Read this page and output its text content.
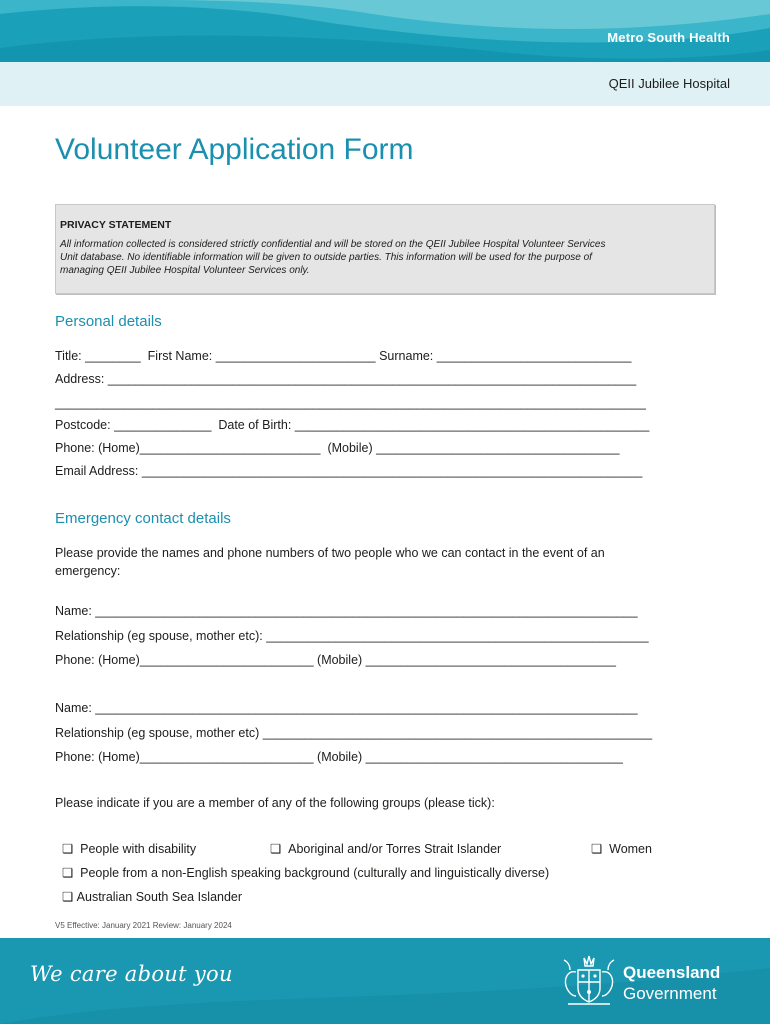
Metro South Health
QEII Jubilee Hospital
Volunteer Application Form
PRIVACY STATEMENT
All information collected is considered strictly confidential and will be stored on the QEII Jubilee Hospital Volunteer Services
Unit database. No identifiable information will be given to outside parties. This information will be used for the purpose of
managing QEII Jubilee Hospital Volunteer Services only.
Personal details
Title: ________  First Name: _______________________ Surname: ____________________________
Address: ____________________________________________________________________________
_____________________________________________________________________________________
Postcode: ______________  Date of Birth: ___________________________________________________
Phone: (Home)__________________________  (Mobile) ___________________________________
Email Address: ________________________________________________________________________
Emergency contact details
Please provide the names and phone numbers of two people who we can contact in the event of an
emergency:
Name: ______________________________________________________________________________
Relationship (eg spouse, mother etc): _______________________________________________________
Phone: (Home)_________________________ (Mobile) ____________________________________
Name: ______________________________________________________________________________
Relationship (eg spouse, mother etc) ________________________________________________________
Phone: (Home)_________________________ (Mobile) _____________________________________
Please indicate if you are a member of any of the following groups (please tick):

❏ People with disability	❏ Aboriginal and/or Torres Strait Islander	❏ Women

❏ People from a non-English speaking background (culturally and linguistically diverse)

❏ Australian South Sea Islander

V5 Effective: January 2021 Review: January 2024
We care about you	Queensland
Government
